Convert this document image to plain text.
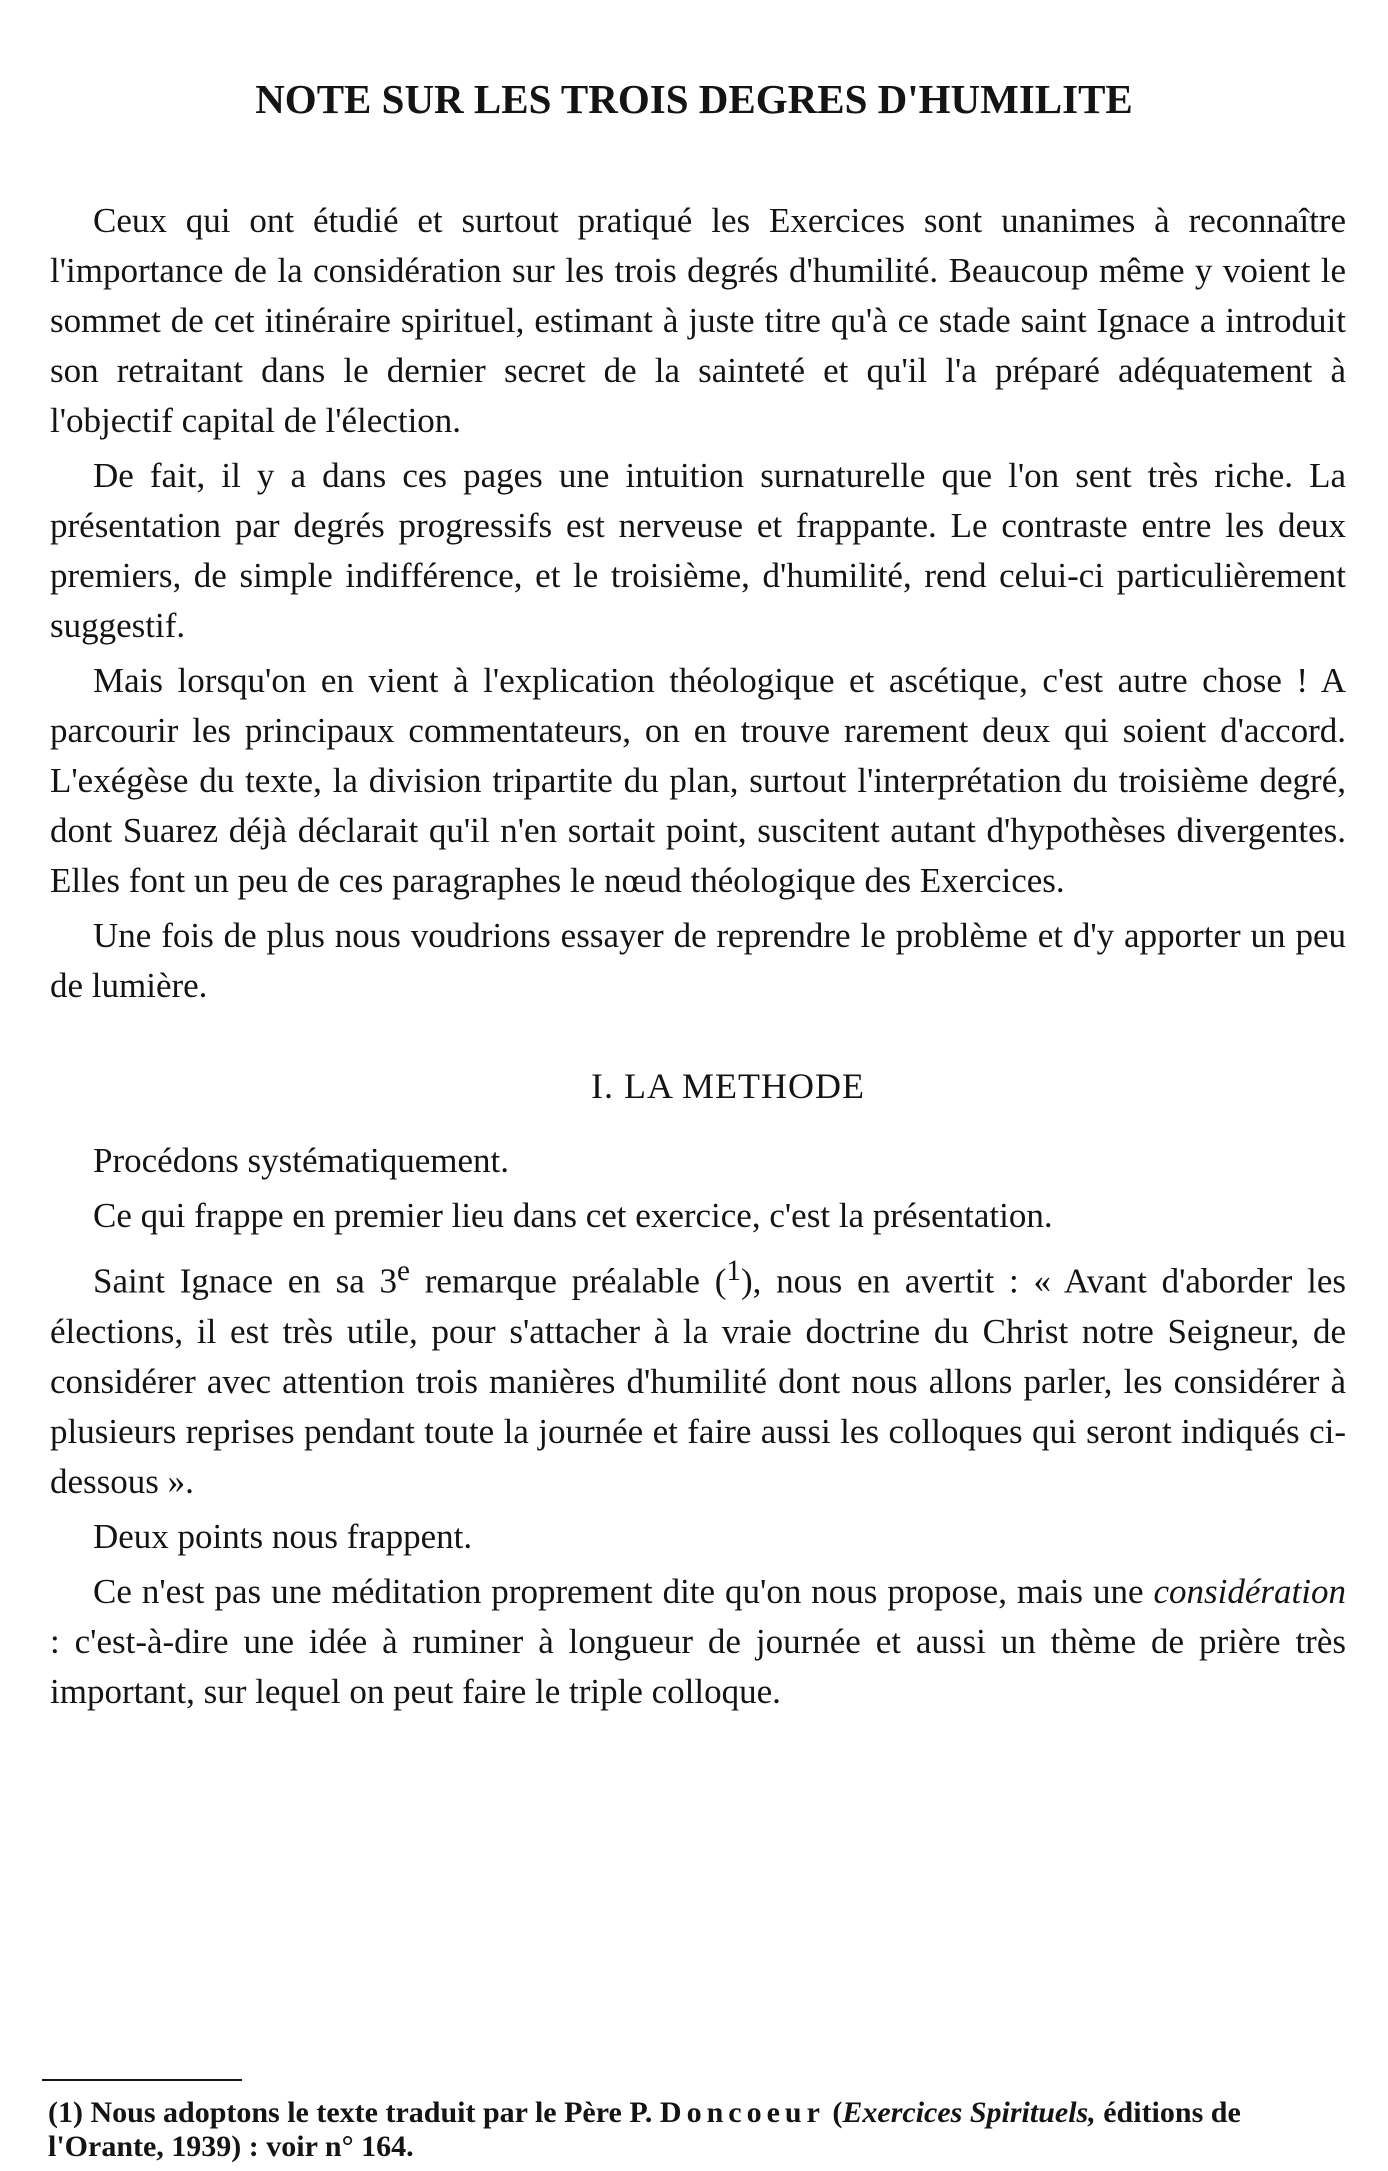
NOTE SUR LES TROIS DEGRES D'HUMILITE

Ceux qui ont étudié et surtout pratiqué les Exercices sont unanimes à reconnaître l'importance de la considération sur les trois degrés d'humilité. Beaucoup même y voient le sommet de cet itinéraire spirituel, estimant à juste titre qu'à ce stade saint Ignace a introduit son retraitant dans le dernier secret de la sainteté et qu'il l'a préparé adéquatement à l'objectif capital de l'élection.

De fait, il y a dans ces pages une intuition surnaturelle que l'on sent très riche. La présentation par degrés progressifs est nerveuse et frappante. Le contraste entre les deux premiers, de simple indifférence, et le troisième, d'humilité, rend celui-ci particulièrement suggestif.

Mais lorsqu'on en vient à l'explication théologique et ascétique, c'est autre chose ! A parcourir les principaux commentateurs, on en trouve rarement deux qui soient d'accord. L'exégèse du texte, la division tripartite du plan, surtout l'interprétation du troisième degré, dont Suarez déjà déclarait qu'il n'en sortait point, suscitent autant d'hypothèses divergentes. Elles font un peu de ces paragraphes le nœud théologique des Exercices.

Une fois de plus nous voudrions essayer de reprendre le problème et d'y apporter un peu de lumière.

I. LA METHODE

Procédons systématiquement.

Ce qui frappe en premier lieu dans cet exercice, c'est la présentation.

Saint Ignace en sa 3e remarque préalable ($^1$), nous en avertit : « Avant d'aborder les élections, il est très utile, pour s'attacher à la vraie doctrine du Christ notre Seigneur, de considérer avec attention trois manières d'humilité dont nous allons parler, les considérer à plusieurs reprises pendant toute la journée et faire aussi les colloques qui seront indiqués ci-dessous ».

Deux points nous frappent.

Ce n'est pas une méditation proprement dite qu'on nous propose, mais une considération : c'est-à-dire une idée à ruminer à longueur de journée et aussi un thème de prière très important, sur lequel on peut faire le triple colloque.

(1) Nous adoptons le texte traduit par le Père P. Doncoeur (Exercices Spirituels, éditions de l'Orante, 1939) : voir n° 164.
